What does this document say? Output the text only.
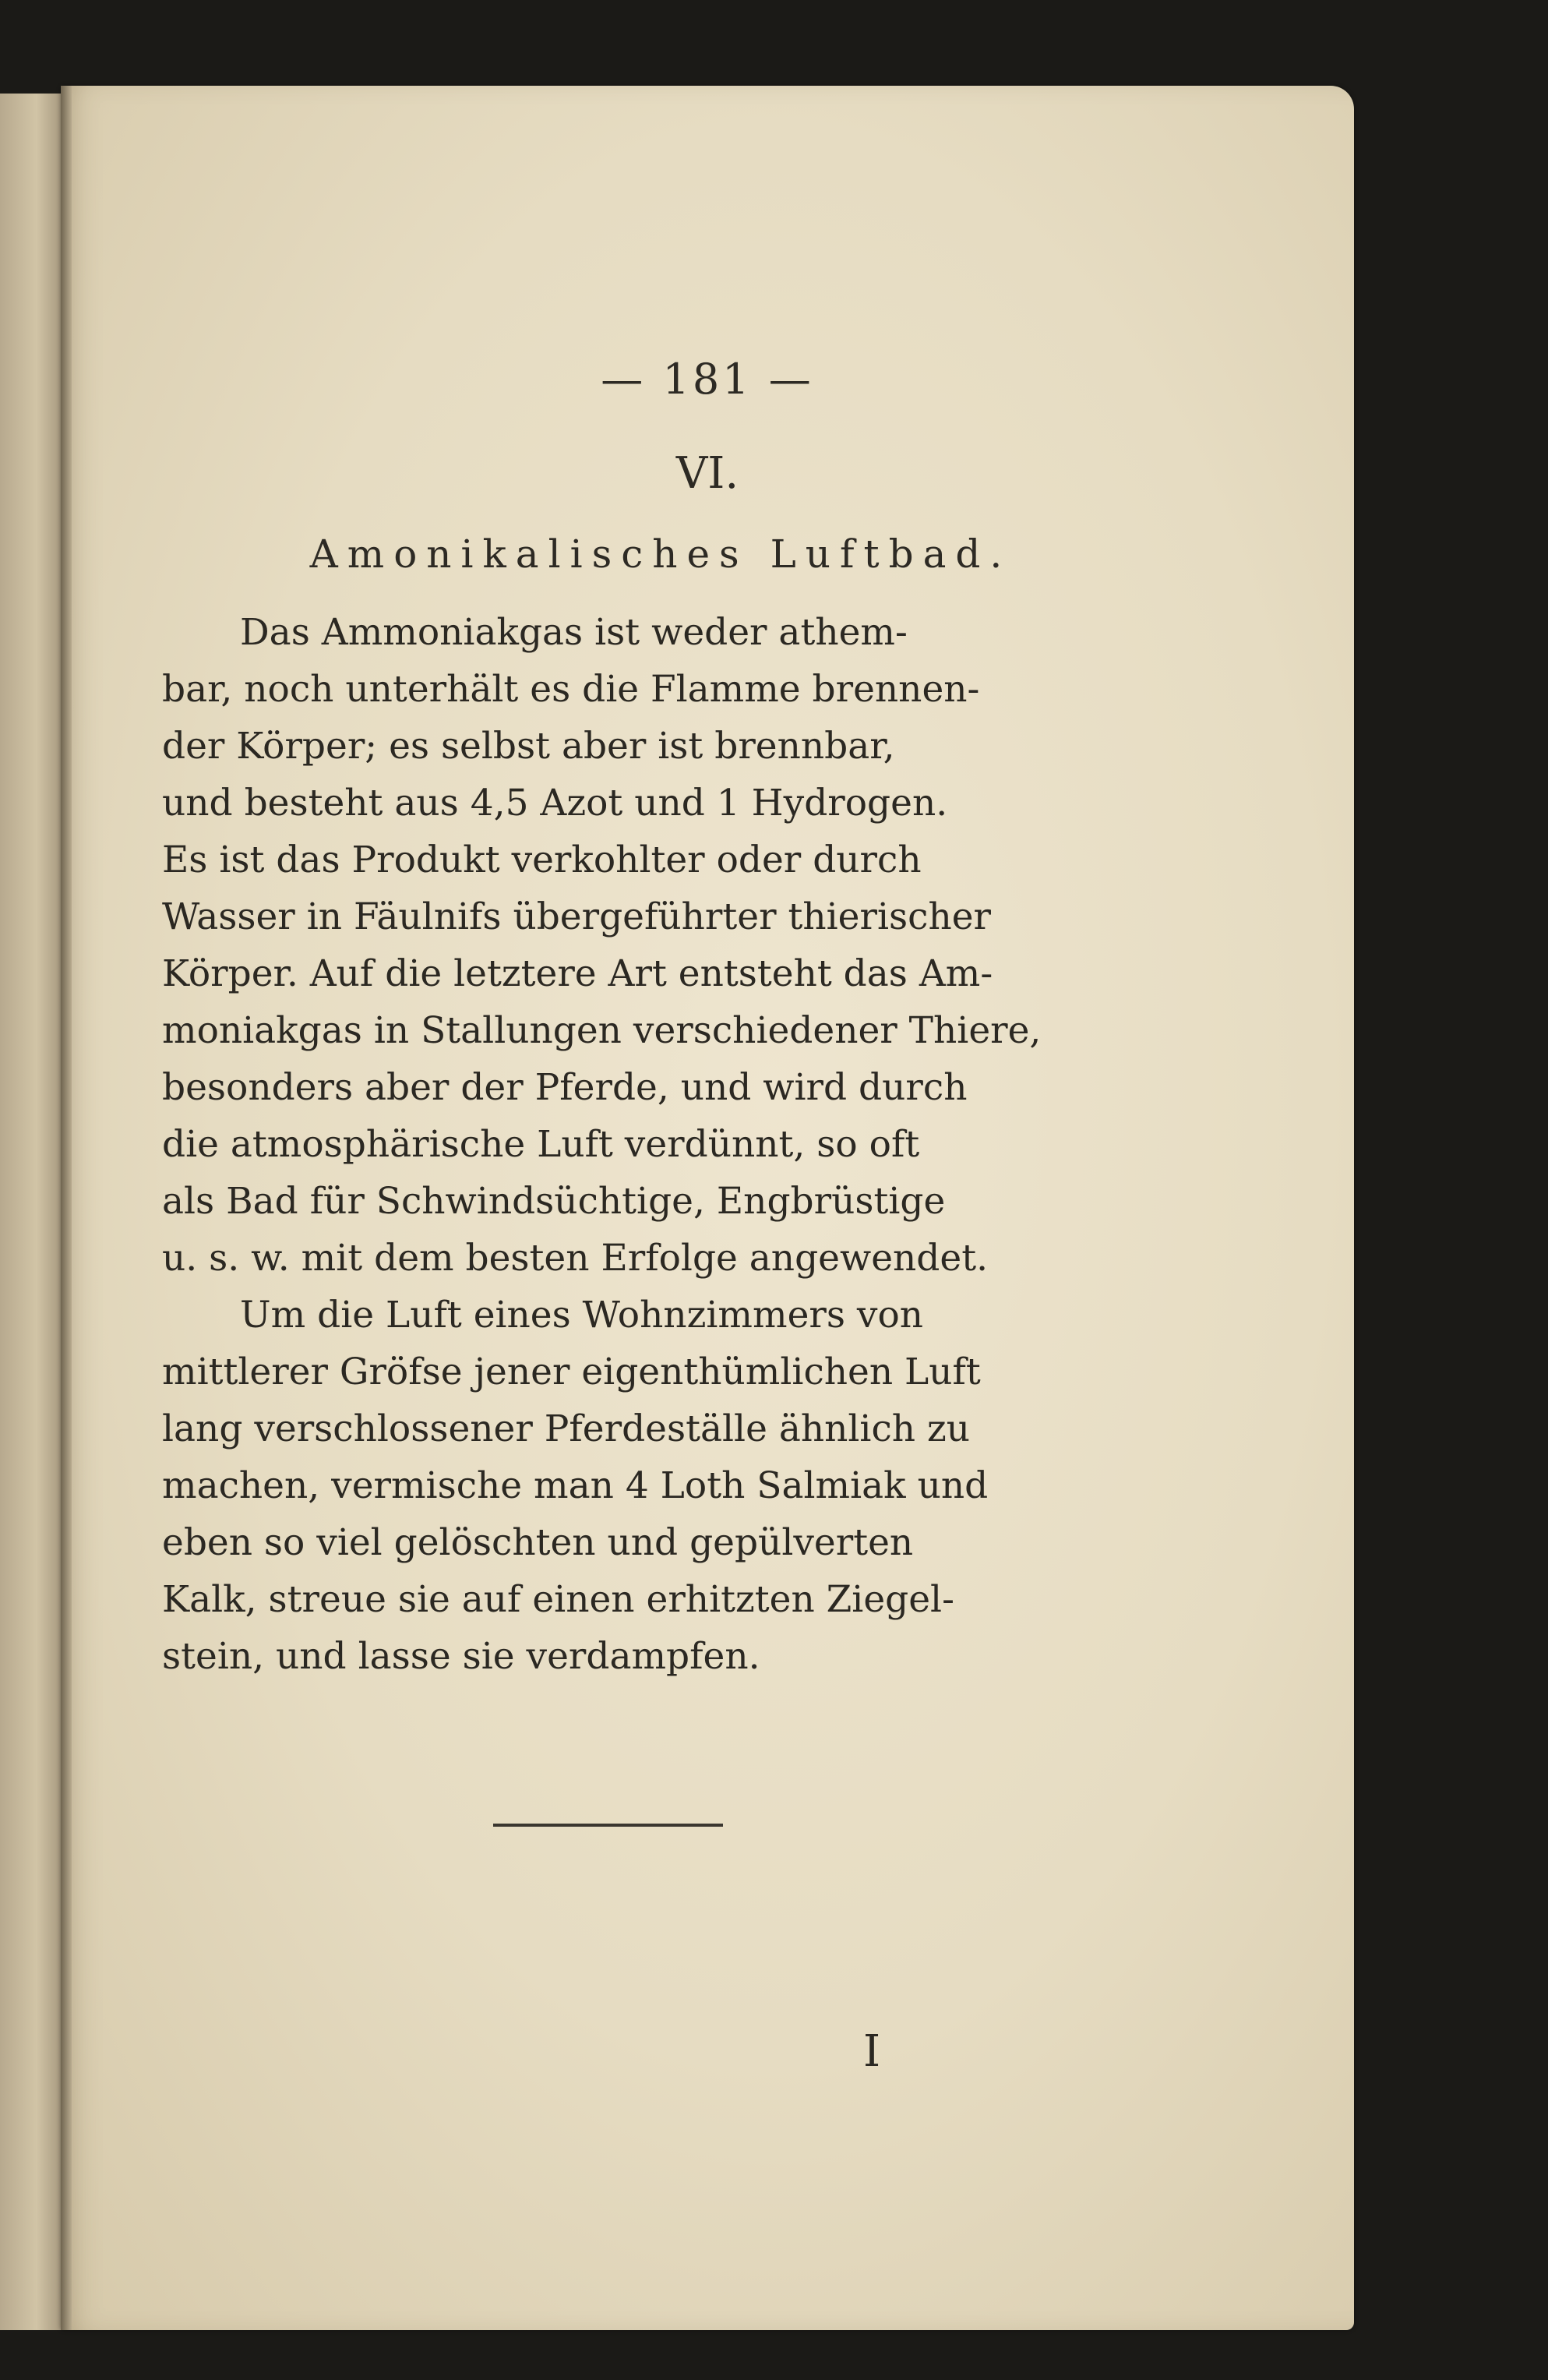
— 181 —
VI.
Amonikalisches Luftbad.
Das Ammoniakgas ist weder athem-
bar, noch unterhält es die Flamme brennen-
der Körper; es selbst aber ist brennbar,
und besteht aus 4,5 Azot und 1 Hydrogen.
Es ist das Produkt verkohlter oder durch
Wasser in Fäulnifs übergeführter thierischer
Körper. Auf die letztere Art entsteht das Am-
moniakgas in Stallungen verschiedener Thiere,
besonders aber der Pferde, und wird durch
die atmosphärische Luft verdünnt, so oft
als Bad für Schwindsüchtige, Engbrüstige
u. s. w. mit dem besten Erfolge angewendet.
Um die Luft eines Wohnzimmers von
mittlerer Gröfse jener eigenthümlichen Luft
lang verschlossener Pferdeställe ähnlich zu
machen, vermische man 4 Loth Salmiak und
eben so viel gelöschten und gepülverten
Kalk, streue sie auf einen erhitzten Ziegel-
stein, und lasse sie verdampfen.
I
